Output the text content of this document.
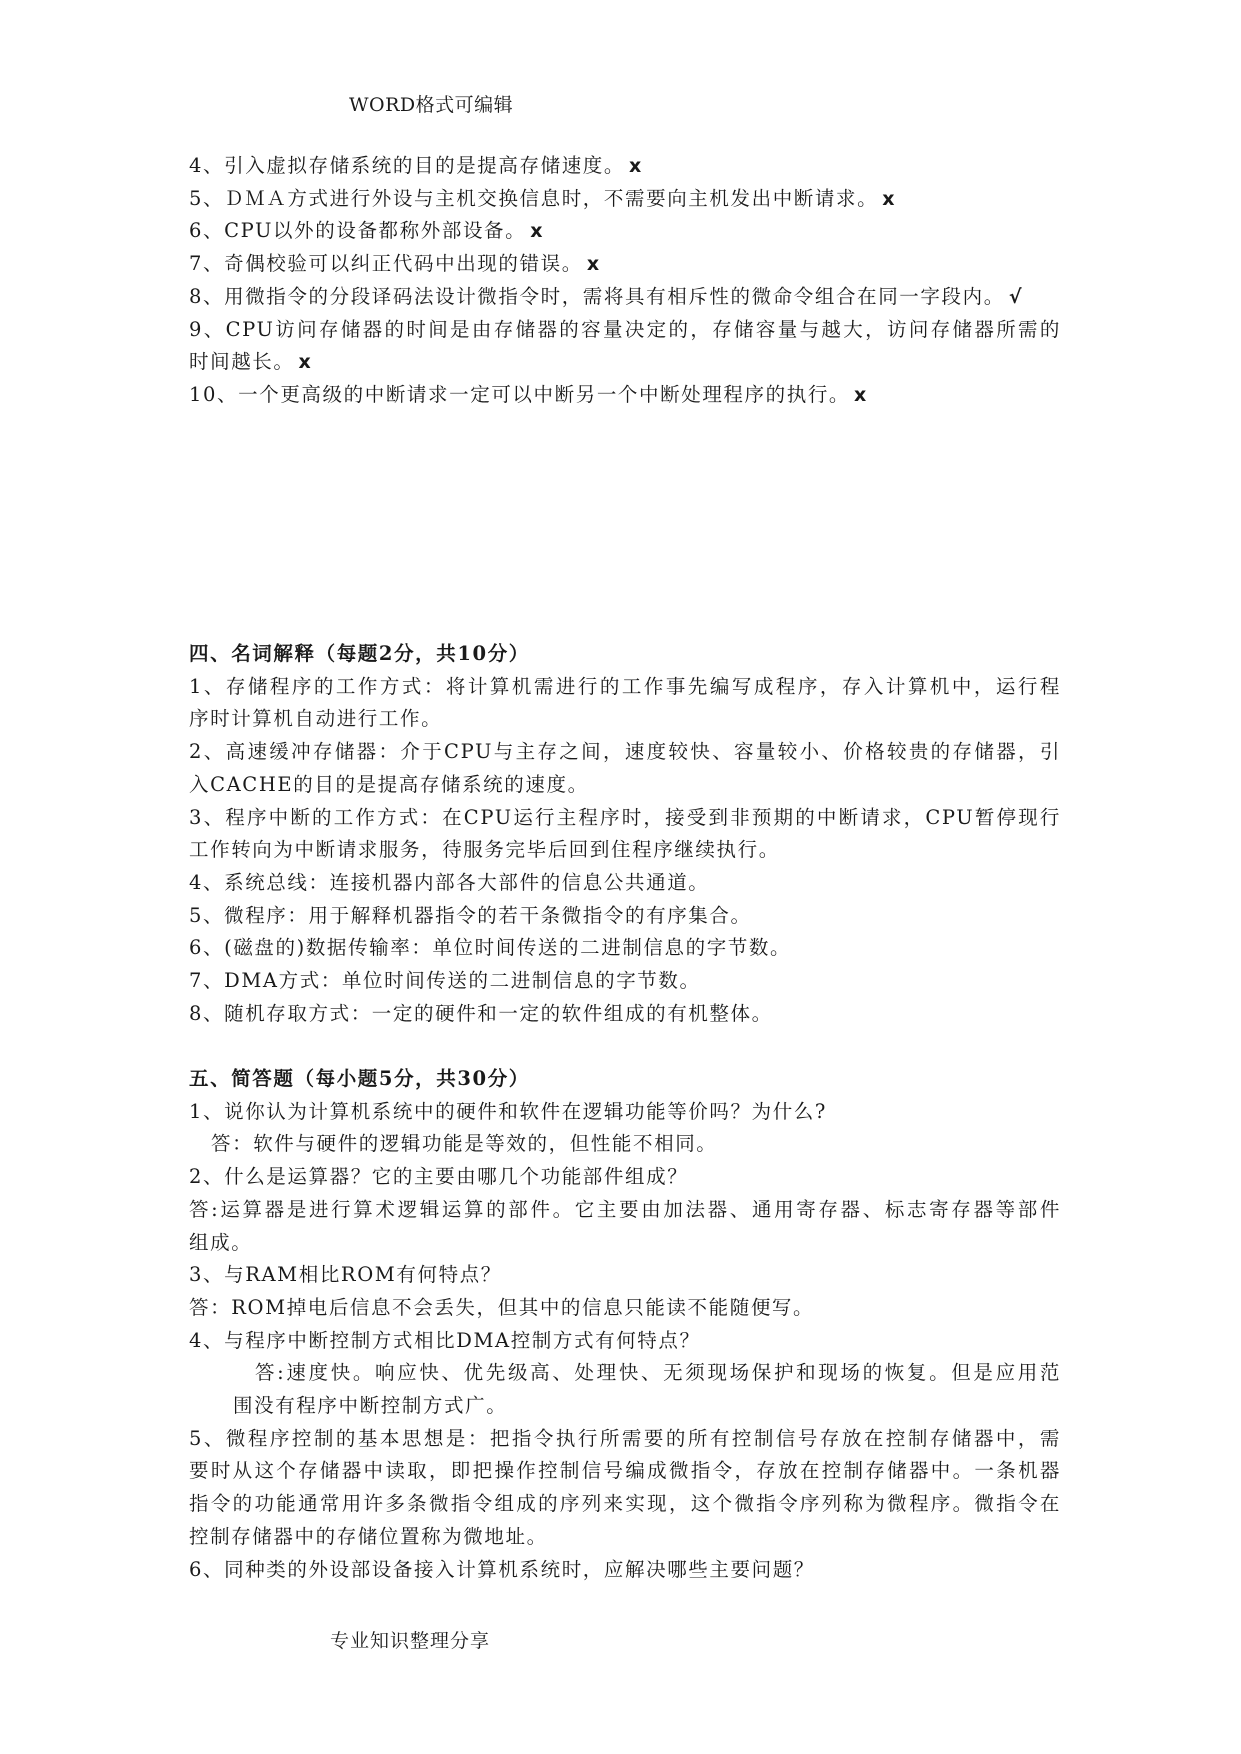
WORD格式可编辑
4、引入虚拟存储系统的目的是提高存储速度。 x
5、ＤＭＡ方式进行外设与主机交换信息时，不需要向主机发出中断请求。 x
6、CPU以外的设备都称外部设备。 x
7、奇偶校验可以纠正代码中出现的错误。 x
8、用微指令的分段译码法设计微指令时，需将具有相斥性的微命令组合在同一字段内。 √
9、CPU访问存储器的时间是由存储器的容量决定的，存储容量与越大，访问存储器所需的
时间越长。 x
10、一个更高级的中断请求一定可以中断另一个中断处理程序的执行。 x
四、名词解释（每题2分，共10分）
1、存储程序的工作方式：将计算机需进行的工作事先编写成程序，存入计算机中，运行程
序时计算机自动进行工作。
2、高速缓冲存储器：介于CPU与主存之间，速度较快、容量较小、价格较贵的存储器，引
入CACHE的目的是提高存储系统的速度。
3、程序中断的工作方式：在CPU运行主程序时，接受到非预期的中断请求，CPU暂停现行
工作转向为中断请求服务，待服务完毕后回到住程序继续执行。
4、系统总线：连接机器内部各大部件的信息公共通道。
5、微程序：用于解释机器指令的若干条微指令的有序集合。
6、(磁盘的)数据传输率：单位时间传送的二进制信息的字节数。
7、DMA方式：单位时间传送的二进制信息的字节数。
8、随机存取方式：一定的硬件和一定的软件组成的有机整体。
五、简答题（每小题5分，共30分）
1、说你认为计算机系统中的硬件和软件在逻辑功能等价吗？为什么?
答：软件与硬件的逻辑功能是等效的，但性能不相同。
2、什么是运算器？它的主要由哪几个功能部件组成？
答:运算器是进行算术逻辑运算的部件。它主要由加法器、通用寄存器、标志寄存器等部件
组成。
3、与RAM相比ROM有何特点？
答：ROM掉电后信息不会丢失，但其中的信息只能读不能随便写。
4、与程序中断控制方式相比DMA控制方式有何特点？
答:速度快。响应快、优先级高、处理快、无须现场保护和现场的恢复。但是应用范
围没有程序中断控制方式广。
5、微程序控制的基本思想是：把指令执行所需要的所有控制信号存放在控制存储器中，需
要时从这个存储器中读取，即把操作控制信号编成微指令，存放在控制存储器中。一条机器
指令的功能通常用许多条微指令组成的序列来实现，这个微指令序列称为微程序。微指令在
控制存储器中的存储位置称为微地址。
6、同种类的外设部设备接入计算机系统时，应解决哪些主要问题？
专业知识整理分享
